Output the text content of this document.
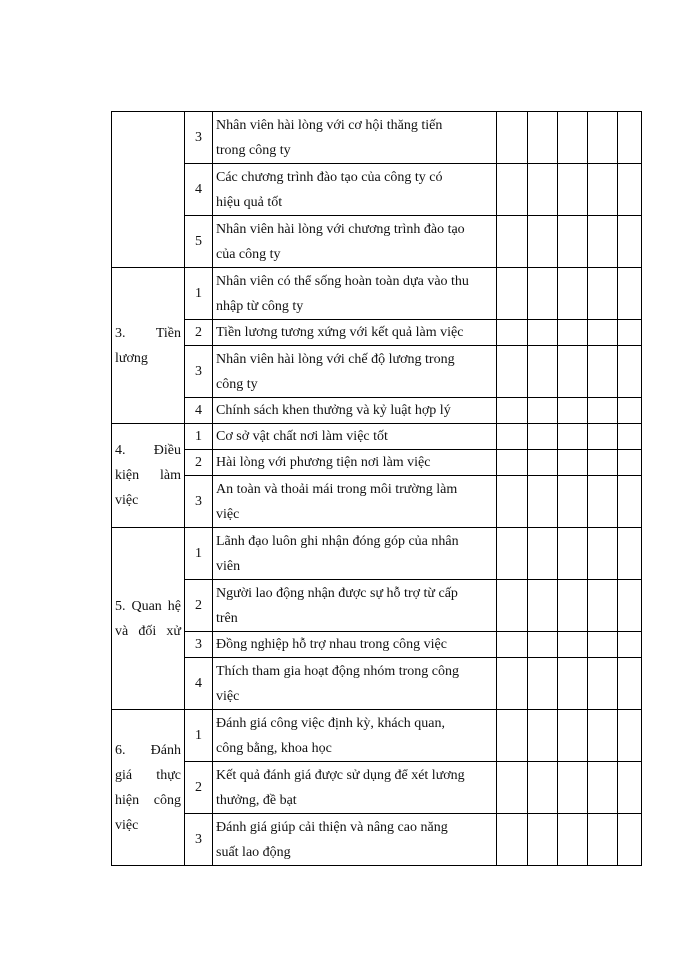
	3	Nhân viên hài lòng với cơ hội thăng tiến
trong công ty					

	4	Các chương trình đào tạo của công ty có
hiệu quả tốt					

	5	Nhân viên hài lòng với chương trình đào tạo
của công ty					

3. Tiền
lương	1	Nhân viên có thể sống hoàn toàn dựa vào thu
nhập từ công ty					

	2	Tiền lương tương xứng với kết quả làm việc					

	3	Nhân viên hài lòng với chế độ lương trong
công ty					

	4	Chính sách khen thưởng và kỷ luật hợp lý					

4. Điều
kiện làm
việc	1	Cơ sở vật chất nơi làm việc tốt					

	2	Hài lòng với phương tiện nơi làm việc					

	3	An toàn và thoải mái trong môi trường làm
việc					

5. Quan hệ
và đối xử	1	Lãnh đạo luôn ghi nhận đóng góp của nhân
viên					

	2	Người lao động nhận được sự hỗ trợ từ cấp
trên					

	3	Đồng nghiệp hỗ trợ nhau trong công việc					

	4	Thích tham gia hoạt động nhóm trong công
việc					

6. Đánh
giá thực
hiện công
việc	1	Đánh giá công việc định kỳ, khách quan,
công bằng, khoa học					

	2	Kết quả đánh giá được sử dụng để xét lương
thưởng, đề bạt					

	3	Đánh giá giúp cải thiện và nâng cao năng
suất lao động					
